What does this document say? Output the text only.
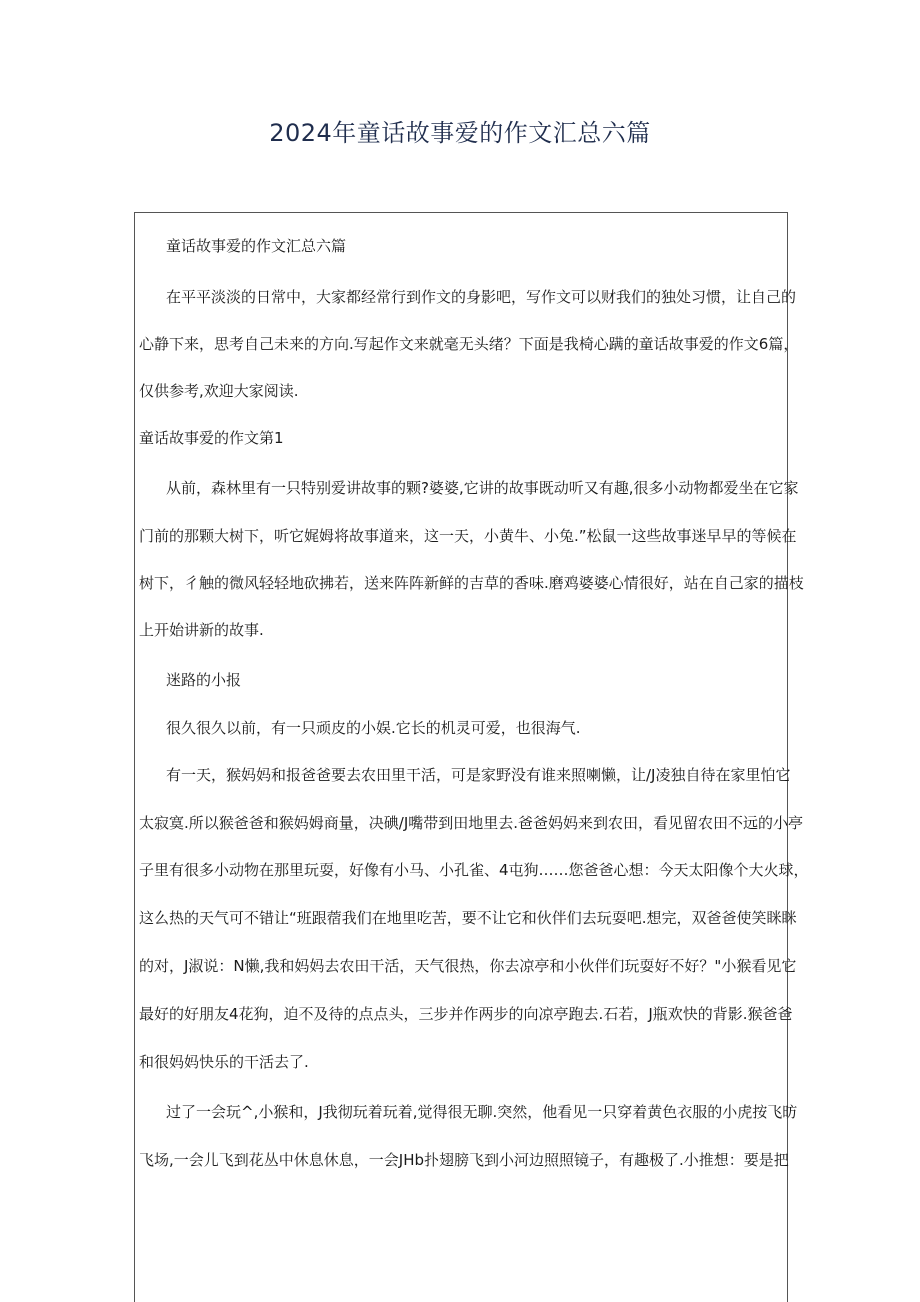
2024年童话故事爱的作文汇总六篇
童话故事爱的作文汇总六篇
在平平淡淡的日常中，大家都经常行到作文的身影吧，写作文可以财我们的独处习惯，让自己的
心静下来，思考自己未来的方向.写起作文来就毫无头绪？下面是我椅心蹒的童话故事爱的作文6篇，
仅供参考,欢迎大家阅读.
童话故事爱的作文第1
从前，森林里有一只特别爱讲故事的颗?婆婆,它讲的故事既动听又有趣,很多小动物都爱坐在它家
门前的那颗大树下，听它娓姆将故事道来，这一天，小黄牛、小兔.”松鼠一这些故事迷早早的等候在
树下，彳触的微风轻轻地砍拂若，送来阵阵新鲜的吉草的香味.磨鸡婆婆心情很好，站在自己家的描枝
上开始讲新的故事.
迷路的小报
很久很久以前，有一只顽皮的小娱.它长的机灵可爱，也很海气.
有一天，猴妈妈和报爸爸要去农田里干活，可是家野没有谁来照喇懒，让/J凌独自待在家里怕它
太寂寞.所以猴爸爸和猴妈姆商量，决碘/J嘴带到田地里去.爸爸妈妈来到农田，看见留农田不远的小亭
子里有很多小动物在那里玩耍，好像有小马、小孔雀、4屯狗……您爸爸心想：今天太阳像个大火球，
这么热的天气可不错让“班跟蓿我们在地里吃苦，要不让它和伙伴们去玩耍吧.想完，双爸爸使笑眯眯
的对，J淑说：N懒,我和妈妈去农田干活，天气很热，你去凉亭和小伙伴们玩耍好不好？"小猴看见它
最好的好朋友4花狗，迫不及待的点点头，三步并作两步的向凉亭跑去.石若，J瓶欢快的背影.猴爸爸
和很妈妈快乐的干活去了.
过了一会玩^,小猴和，J我彻玩着玩着,觉得很无聊.突然，他看见一只穿着黄色衣服的小虎按飞昉
飞场,一会儿飞到花丛中休息休息，一会JHb扑翅膀飞到小河边照照镜子，有趣极了.小推想：要是把
